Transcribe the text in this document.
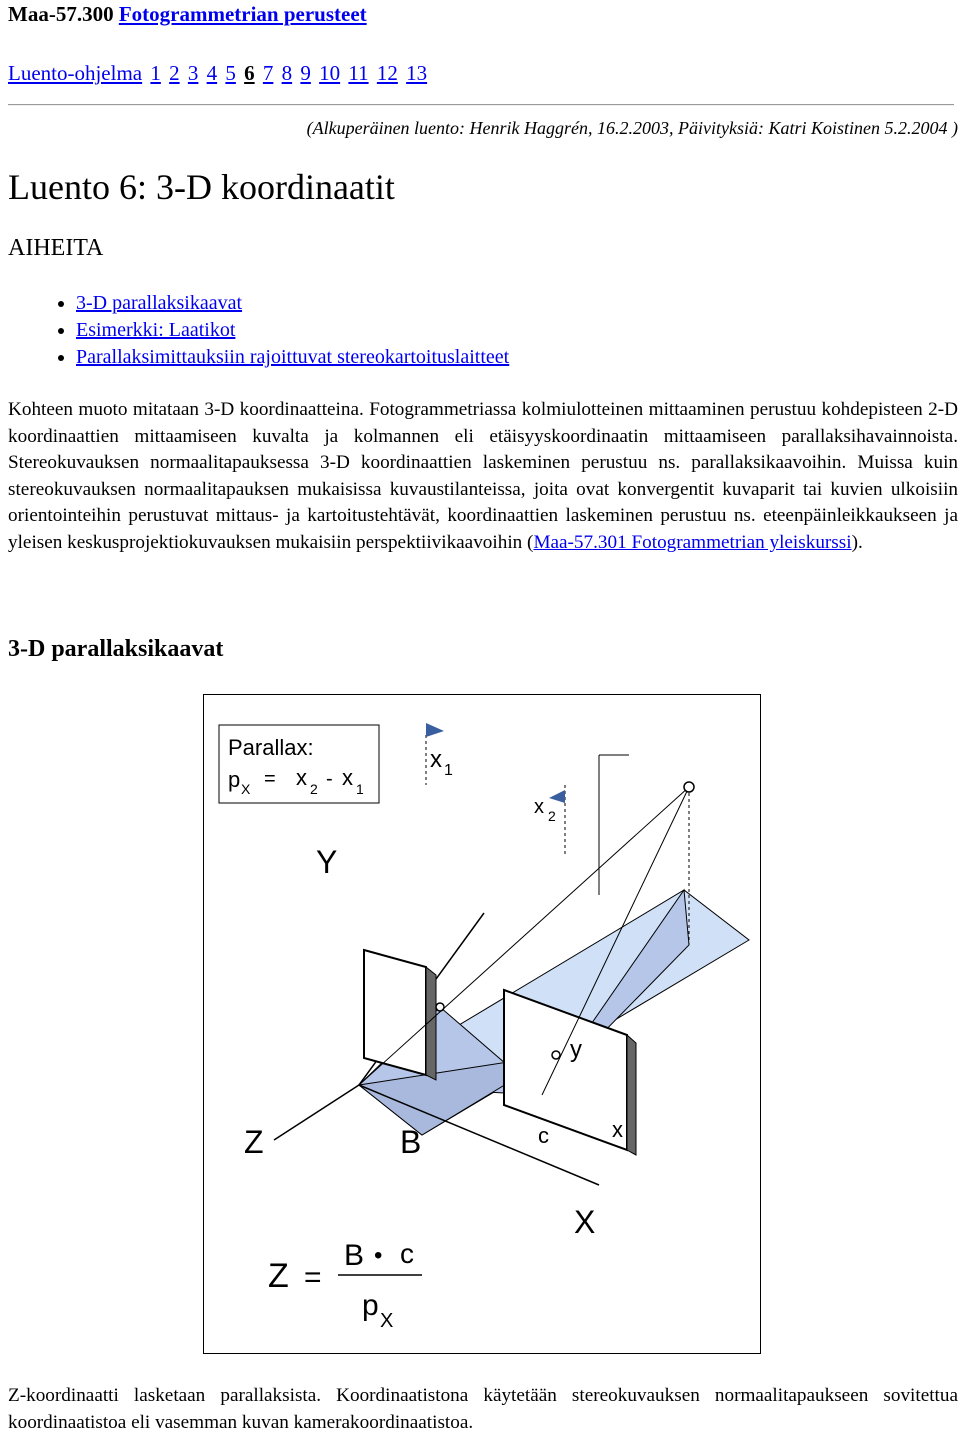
Maa-57.300 Fotogrammetrian perusteet
Luento-ohjelma 1 2 3 4 5 6 7 8 9 10 11 12 13
(Alkuperäinen luento: Henrik Haggrén, 16.2.2003, Päivityksiä: Katri Koistinen 5.2.2004 )
Luento 6: 3-D koordinaatit
AIHEITA
• 3-D parallaksikaavat
• Esimerkki: Laatikot
• Parallaksimittauksiin rajoittuvat stereokartoituslaitteet

Kohteen muoto mitataan 3-D koordinaatteina. Fotogrammetriassa kolmiulotteinen mittaaminen perustuu kohdepisteen 2-D koordinaattien mittaamiseen kuvalta ja kolmannen eli etäisyyskoordinaatin mittaamiseen parallaksihavainnoista. Stereokuvauksen normaalitapauksessa 3-D koordinaattien laskeminen perustuu ns. parallaksikaavoihin. Muissa kuin stereokuvauksen normaalitapauksen mukaisissa kuvaustilanteissa, joita ovat konvergentit kuvaparit tai kuvien ulkoisiin orientointeihin perustuvat mittaus- ja kartoitustehtävät, koordinaattien laskeminen perustuu ns. eteenpäinleikkaukseen ja yleisen keskusprojektiokuvauksen mukaisiin perspektiivikaavoihin (Maa-57.301 Fotogrammetrian yleiskurssi).

3-D parallaksikaavat
Parallax:
p X = x 2 - x 1
x 1
x 2
Y
Z	B	c	x
y
X
Z =
B • c
p X

Z-koordinaatti lasketaan parallaksista. Koordinaatistona käytetään stereokuvauksen normaalitapaukseen sovitettua koordinaatistoa eli vasemman kuvan kamerakoordinaatistoa.
